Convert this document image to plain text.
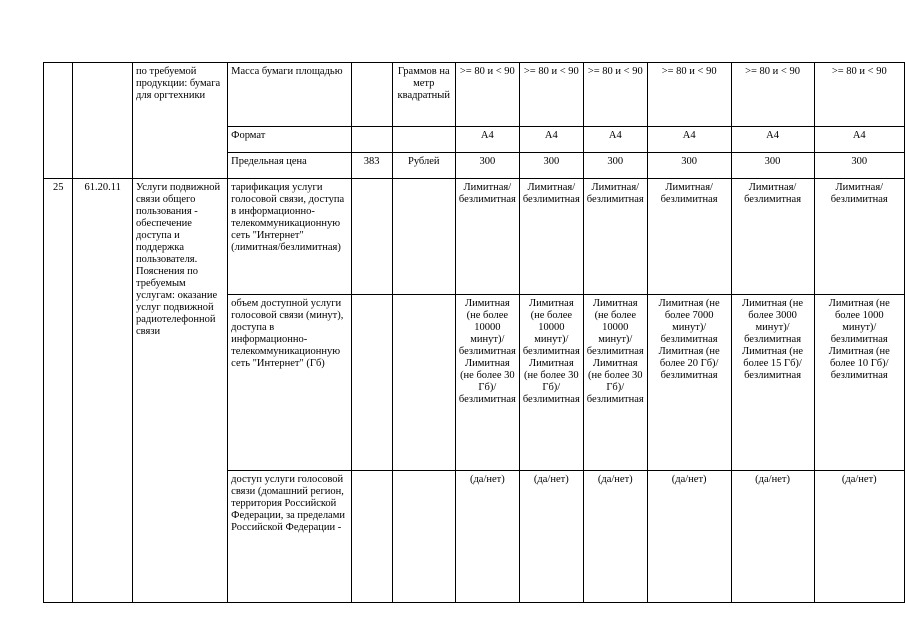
		по требуемой продукции: бумага для оргтехники	Масса бумаги площадью		Граммов на метр квадратный	>= 80 и < 90	>= 80 и < 90	>= 80 и < 90	>= 80 и < 90	>= 80 и < 90	>= 80 и < 90
			Формат			A4	A4	A4	A4	A4	A4
			Предельная цена	383	Рублей	300	300	300	300	300	300
25	61.20.11	Услуги подвижной связи общего пользования - обеспечение доступа и поддержка пользователя. Пояснения по требуемым услугам: оказание услуг подвижной радиотелефонной связи	тарификация услуги голосовой связи, доступа в информационно-телекоммуникационную сеть "Интернет" (лимитная/безлимитная)			Лимитная/безлимитная	Лимитная/безлимитная	Лимитная/безлимитная	Лимитная/безлимитная	Лимитная/безлимитная	Лимитная/безлимитная
			объем доступной услуги голосовой связи (минут), доступа в информационно-телекоммуникационную сеть "Интернет" (Гб)			Лимитная (не более 10000 минут)/безлимитная Лимитная (не более 30 Гб)/безлимитная	Лимитная (не более 10000 минут)/безлимитная Лимитная (не более 30 Гб)/безлимитная	Лимитная (не более 10000 минут)/безлимитная Лимитная (не более 30 Гб)/безлимитная	Лимитная (не более 7000 минут)/безлимитная Лимитная (не более 20 Гб)/безлимитная	Лимитная (не более 3000 минут)/безлимитная Лимитная (не более 15 Гб)/безлимитная	Лимитная (не более 1000 минут)/безлимитная Лимитная (не более 10 Гб)/безлимитная
			доступ услуги голосовой связи (домашний регион, территория Российской Федерации, за пределами Российской Федерации -			(да/нет)	(да/нет)	(да/нет)	(да/нет)	(да/нет)	(да/нет)
